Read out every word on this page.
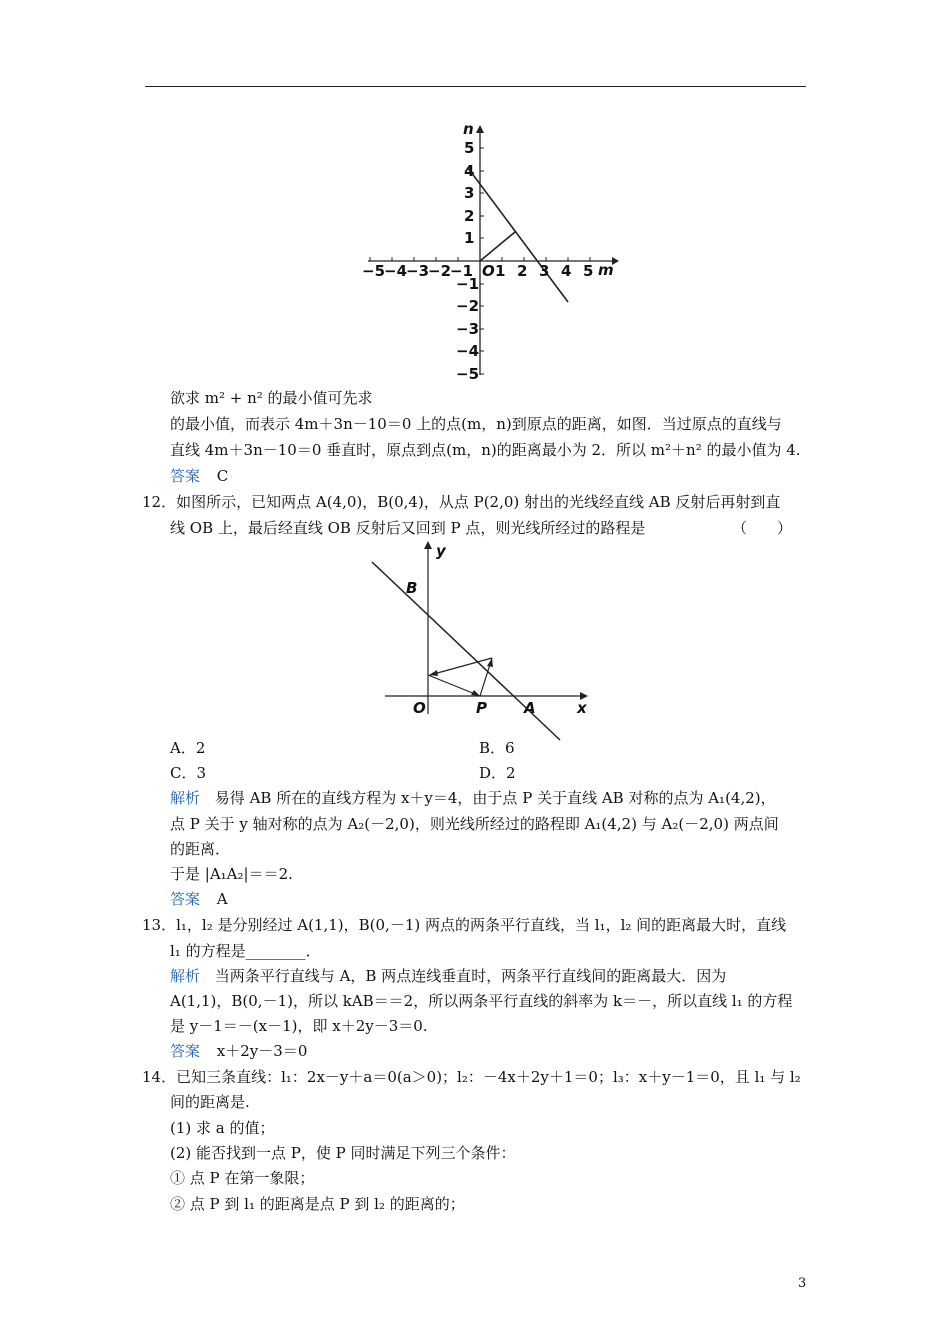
n
m
O
−5
−4
−3
−2
−1 1 2 3 4 5
5
4
3
2
1
−1
−2
−3
−4
−5
欲求 m² + n² 的最小值可先求
的最小值，而表示 4m＋3n－10＝0 上的点(m，n)到原点的距离，如图．当过原点的直线与
直线 4m＋3n－10＝0 垂直时，原点到点(m，n)的距离最小为 2．所以 m²＋n² 的最小值为 4.
答案 C
12．如图所示，已知两点 A(4,0)，B(0,4)，从点 P(2,0) 射出的光线经直线 AB 反射后再射到直
线 OB 上，最后经直线 OB 反射后又回到 P 点，则光线所经过的路程是	（　　）
y
B
O	P A	x
A．2	B．6
C．3	D．2
解析 易得 AB 所在的直线方程为 x＋y＝4，由于点 P 关于直线 AB 对称的点为 A₁(4,2)，
点 P 关于 y 轴对称的点为 A₂(－2,0)，则光线所经过的路程即 A₁(4,2) 与 A₂(－2,0) 两点间
的距离．
于是 |A₁A₂|＝＝2.
答案 A
13．l₁，l₂ 是分别经过 A(1,1)，B(0,－1) 两点的两条平行直线，当 l₁，l₂ 间的距离最大时，直线
l₁ 的方程是________．
解析 当两条平行直线与 A，B 两点连线垂直时，两条平行直线间的距离最大．因为
A(1,1)，B(0,－1)，所以 kAB＝＝2，所以两条平行直线的斜率为 k＝－，所以直线 l₁ 的方程
是 y－1＝－(x－1)，即 x＋2y－3＝0.
答案 x＋2y－3＝0
14．已知三条直线：l₁：2x－y＋a＝0(a＞0)；l₂：－4x＋2y＋1＝0；l₃：x＋y－1＝0，且 l₁ 与 l₂
间的距离是.
(1) 求 a 的值；
(2) 能否找到一点 P，使 P 同时满足下列三个条件：
① 点 P 在第一象限；
② 点 P 到 l₁ 的距离是点 P 到 l₂ 的距离的；
3
